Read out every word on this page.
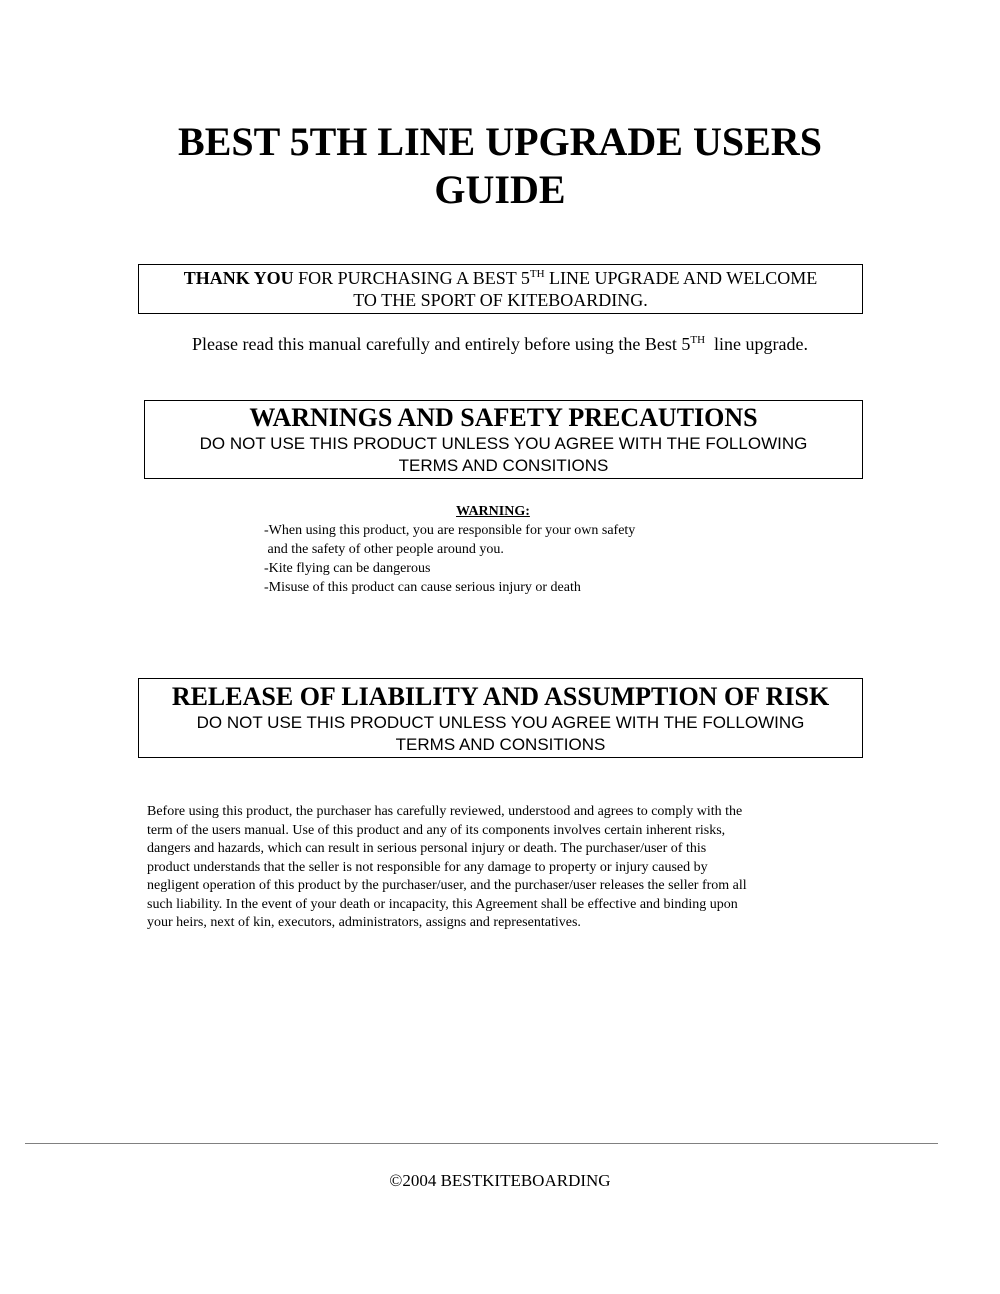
BEST 5TH LINE UPGRADE USERS
GUIDE
THANK YOU FOR PURCHASING A BEST 5TH LINE UPGRADE AND WELCOME
TO THE SPORT OF KITEBOARDING.
Please read this manual carefully and entirely before using the Best 5TH  line upgrade.
WARNINGS AND SAFETY PRECAUTIONS
DO NOT USE THIS PRODUCT UNLESS YOU AGREE WITH THE FOLLOWING
TERMS AND CONSITIONS
WARNING:
-When using this product, you are responsible for your own safety
and the safety of other people around you.
-Kite flying can be dangerous
-Misuse of this product can cause serious injury or death
RELEASE OF LIABILITY AND ASSUMPTION OF RISK
DO NOT USE THIS PRODUCT UNLESS YOU AGREE WITH THE FOLLOWING
TERMS AND CONSITIONS
Before using this product, the purchaser has carefully reviewed, understood and agrees to comply with the
term of the users manual. Use of this product and any of its components involves certain inherent risks,
dangers and hazards, which can result in serious personal injury or death. The purchaser/user of this
product understands that the seller is not responsible for any damage to property or injury caused by
negligent operation of this product by the purchaser/user, and the purchaser/user releases the seller from all
such liability. In the event of your death or incapacity, this Agreement shall be effective and binding upon
your heirs, next of kin, executors, administrators, assigns and representatives.
©2004 BESTKITEBOARDING
